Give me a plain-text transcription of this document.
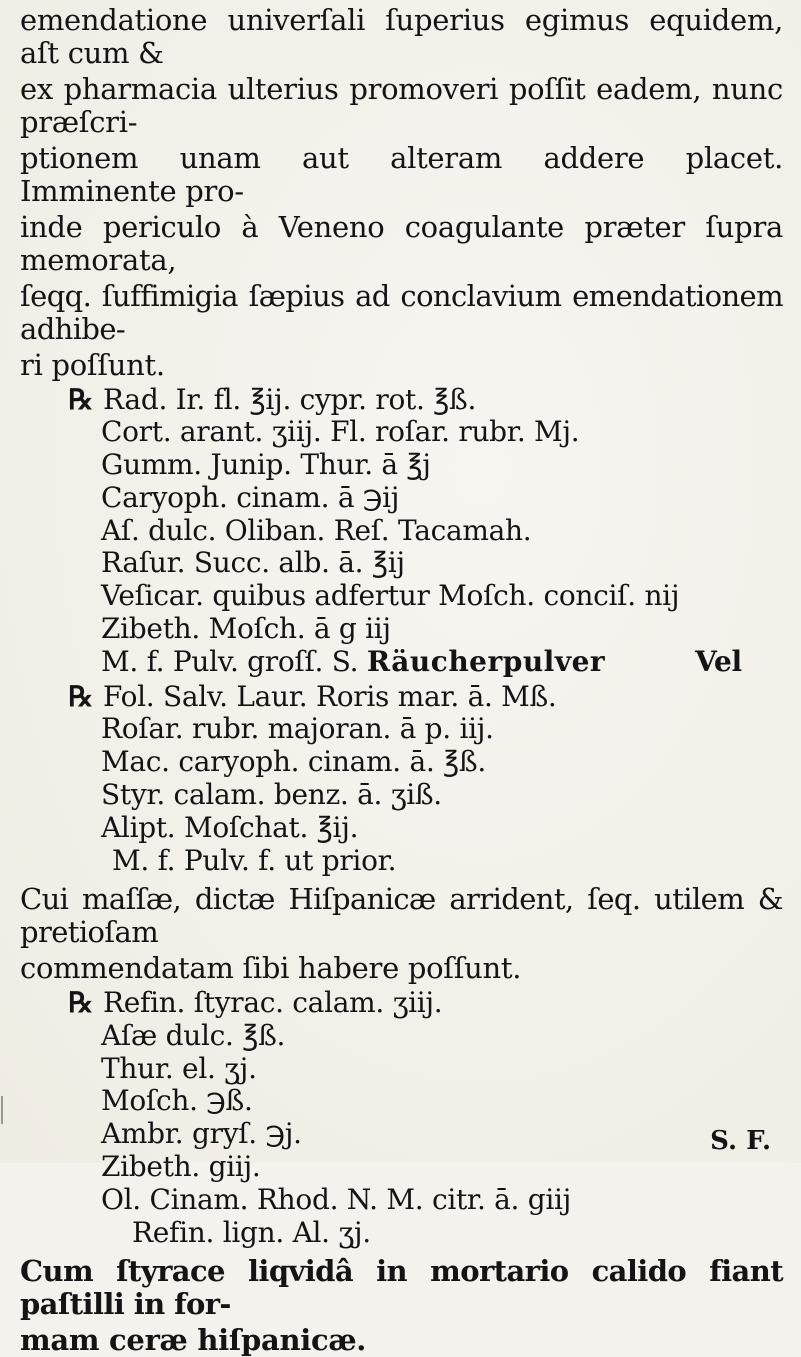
emendatione univerſali ſuperius egimus equidem, aſt cum &

ex pharmacia ulterius promoveri poſſit eadem, nunc præſcri-

ptionem unam aut alteram addere placet. Imminente pro-

inde periculo à Veneno coagulante præter ſupra memorata,

ſeqq. ſuffimigia ſæpius ad conclavium emendationem adhibe-

ri poſſunt.

℞ Rad. Ir. fl. ℥ij. cypr. rot. ℥ß.
Cort. arant. ʒiij. Fl. roſar. rubr. Mj.
Gumm. Junip. Thur. ā ℥j
Caryoph. cinam. ā ℈ij
Aſ. dulc. Oliban. Reſ. Tacamah.
Raſur. Succ. alb. ā. ℥ij
Veſicar. quibus adfertur Moſch. conciſ. nij
Zibeth. Moſch. ā g iij
M. f. Pulv. groſſ. S. Räucherpulver	Vel
℞ Fol. Salv. Laur. Roris mar. ā. Mß.
Roſar. rubr. majoran. ā p. iij.
Mac. caryoph. cinam. ā. ℥ß.
Styr. calam. benz. ā. ʒiß.
Alipt. Moſchat. ℥ij.
M. f. Pulv. f. ut prior.

Cui maſſæ, dictæ Hiſpanicæ arrident, ſeq. utilem & pretioſam

commendatam ſibi habere poſſunt.

℞ Refin. ſtyrac. calam. ʒiij.
Aſæ dulc. ℥ß.
Thur. el. ʒj.
Moſch. ℈ß.
Ambr. gryſ. ℈j.
Zibeth. giij.
Ol. Cinam. Rhod. N. M. citr. ā. giij
Refin. lign. Al. ʒj.

Cum ſtyrace liqvidâ in mortario calido fiant paſtilli in for-

mam ceræ hiſpanicæ.

S. F.
